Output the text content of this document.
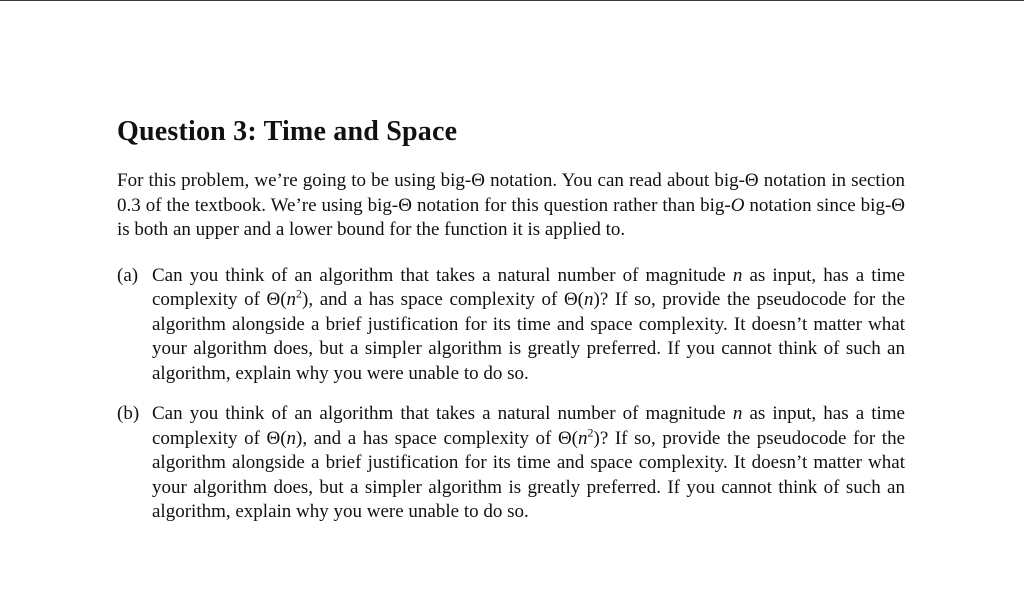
Question 3: Time and Space

For this problem, we’re going to be using big-Θ notation. You can read about big-Θ notation in section 0.3 of the textbook. We’re using big-Θ notation for this question rather than big-O notation since big-Θ is both an upper and a lower bound for the function it is applied to.

(a) Can you think of an algorithm that takes a natural number of magnitude n as input, has a time complexity of $\Theta(n^2)$, and a has space complexity of Θ(n)? If so, provide the pseudocode for the algorithm alongside a brief justification for its time and space complexity. It doesn’t matter what your algorithm does, but a simpler algorithm is greatly preferred. If you cannot think of such an algorithm, explain why you were unable to do so.
(b) Can you think of an algorithm that takes a natural number of magnitude n as input, has a time complexity of Θ(n), and a has space complexity of $\Theta(n^2)$? If so, provide the pseudocode for the algorithm alongside a brief justification for its time and space complexity. It doesn’t matter what your algorithm does, but a simpler algorithm is greatly preferred. If you cannot think of such an algorithm, explain why you were unable to do so.
